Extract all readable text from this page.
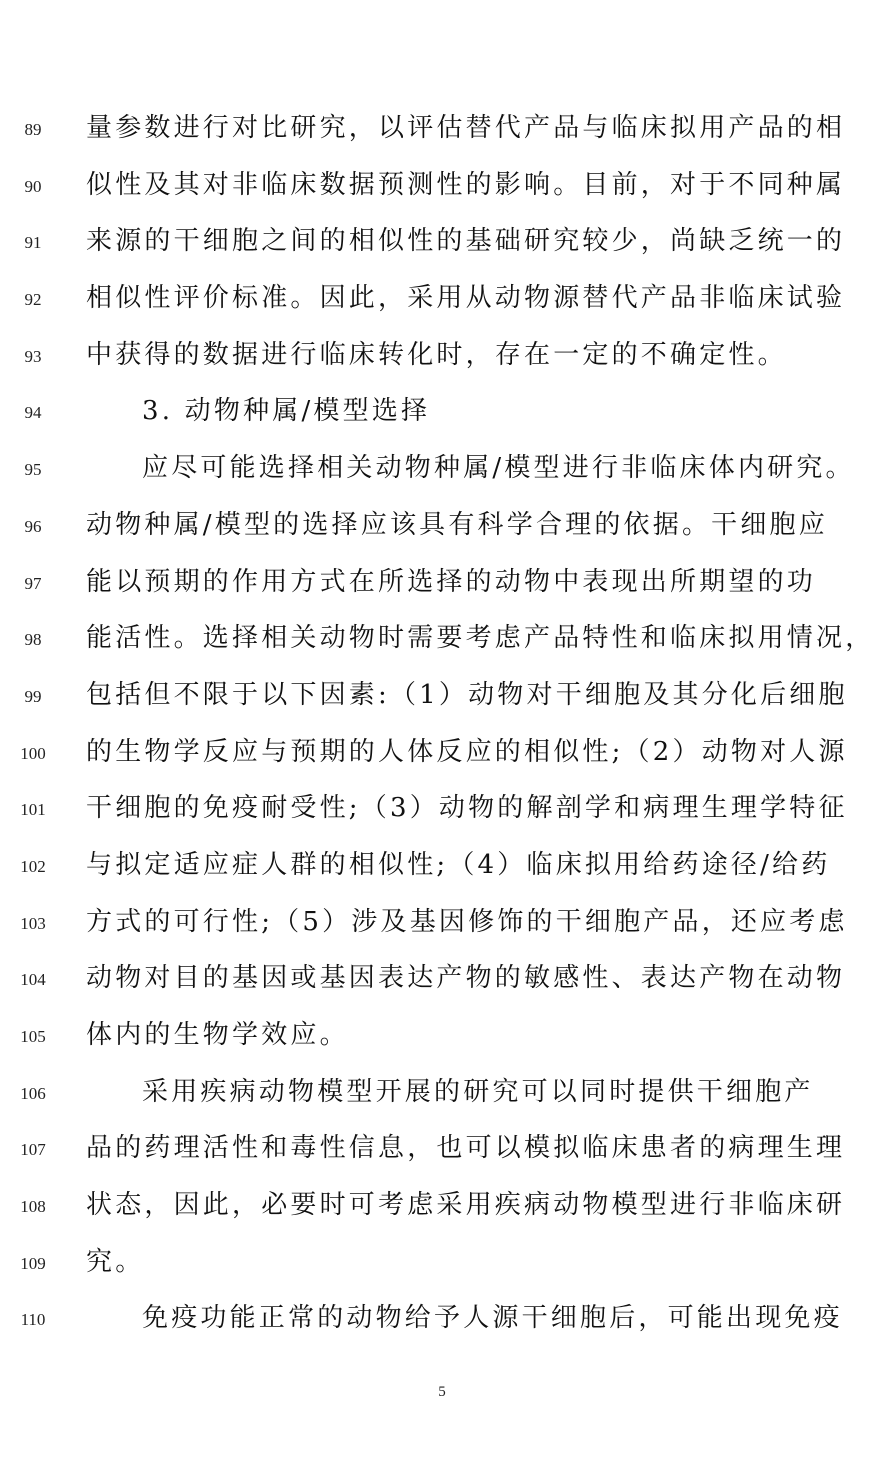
89	量参数进行对比研究，以评估替代产品与临床拟用产品的相
90	似性及其对非临床数据预测性的影响。目前，对于不同种属
91	来源的干细胞之间的相似性的基础研究较少，尚缺乏统一的
92	相似性评价标准。因此，采用从动物源替代产品非临床试验
93	中获得的数据进行临床转化时，存在一定的不确定性。
94	3. 动物种属/模型选择
95	应尽可能选择相关动物种属/模型进行非临床体内研究。
96	动物种属/模型的选择应该具有科学合理的依据。干细胞应
97	能以预期的作用方式在所选择的动物中表现出所期望的功
98	能活性。选择相关动物时需要考虑产品特性和临床拟用情况，
99	包括但不限于以下因素:（1）动物对干细胞及其分化后细胞
100	的生物学反应与预期的人体反应的相似性;（2）动物对人源
101	干细胞的免疫耐受性;（3）动物的解剖学和病理生理学特征
102	与拟定适应症人群的相似性;（4）临床拟用给药途径/给药
103	方式的可行性;（5）涉及基因修饰的干细胞产品，还应考虑
104	动物对目的基因或基因表达产物的敏感性、表达产物在动物
105	体内的生物学效应。
106	采用疾病动物模型开展的研究可以同时提供干细胞产
107	品的药理活性和毒性信息，也可以模拟临床患者的病理生理
108	状态，因此，必要时可考虑采用疾病动物模型进行非临床研
109	究。
110	免疫功能正常的动物给予人源干细胞后，可能出现免疫
5
